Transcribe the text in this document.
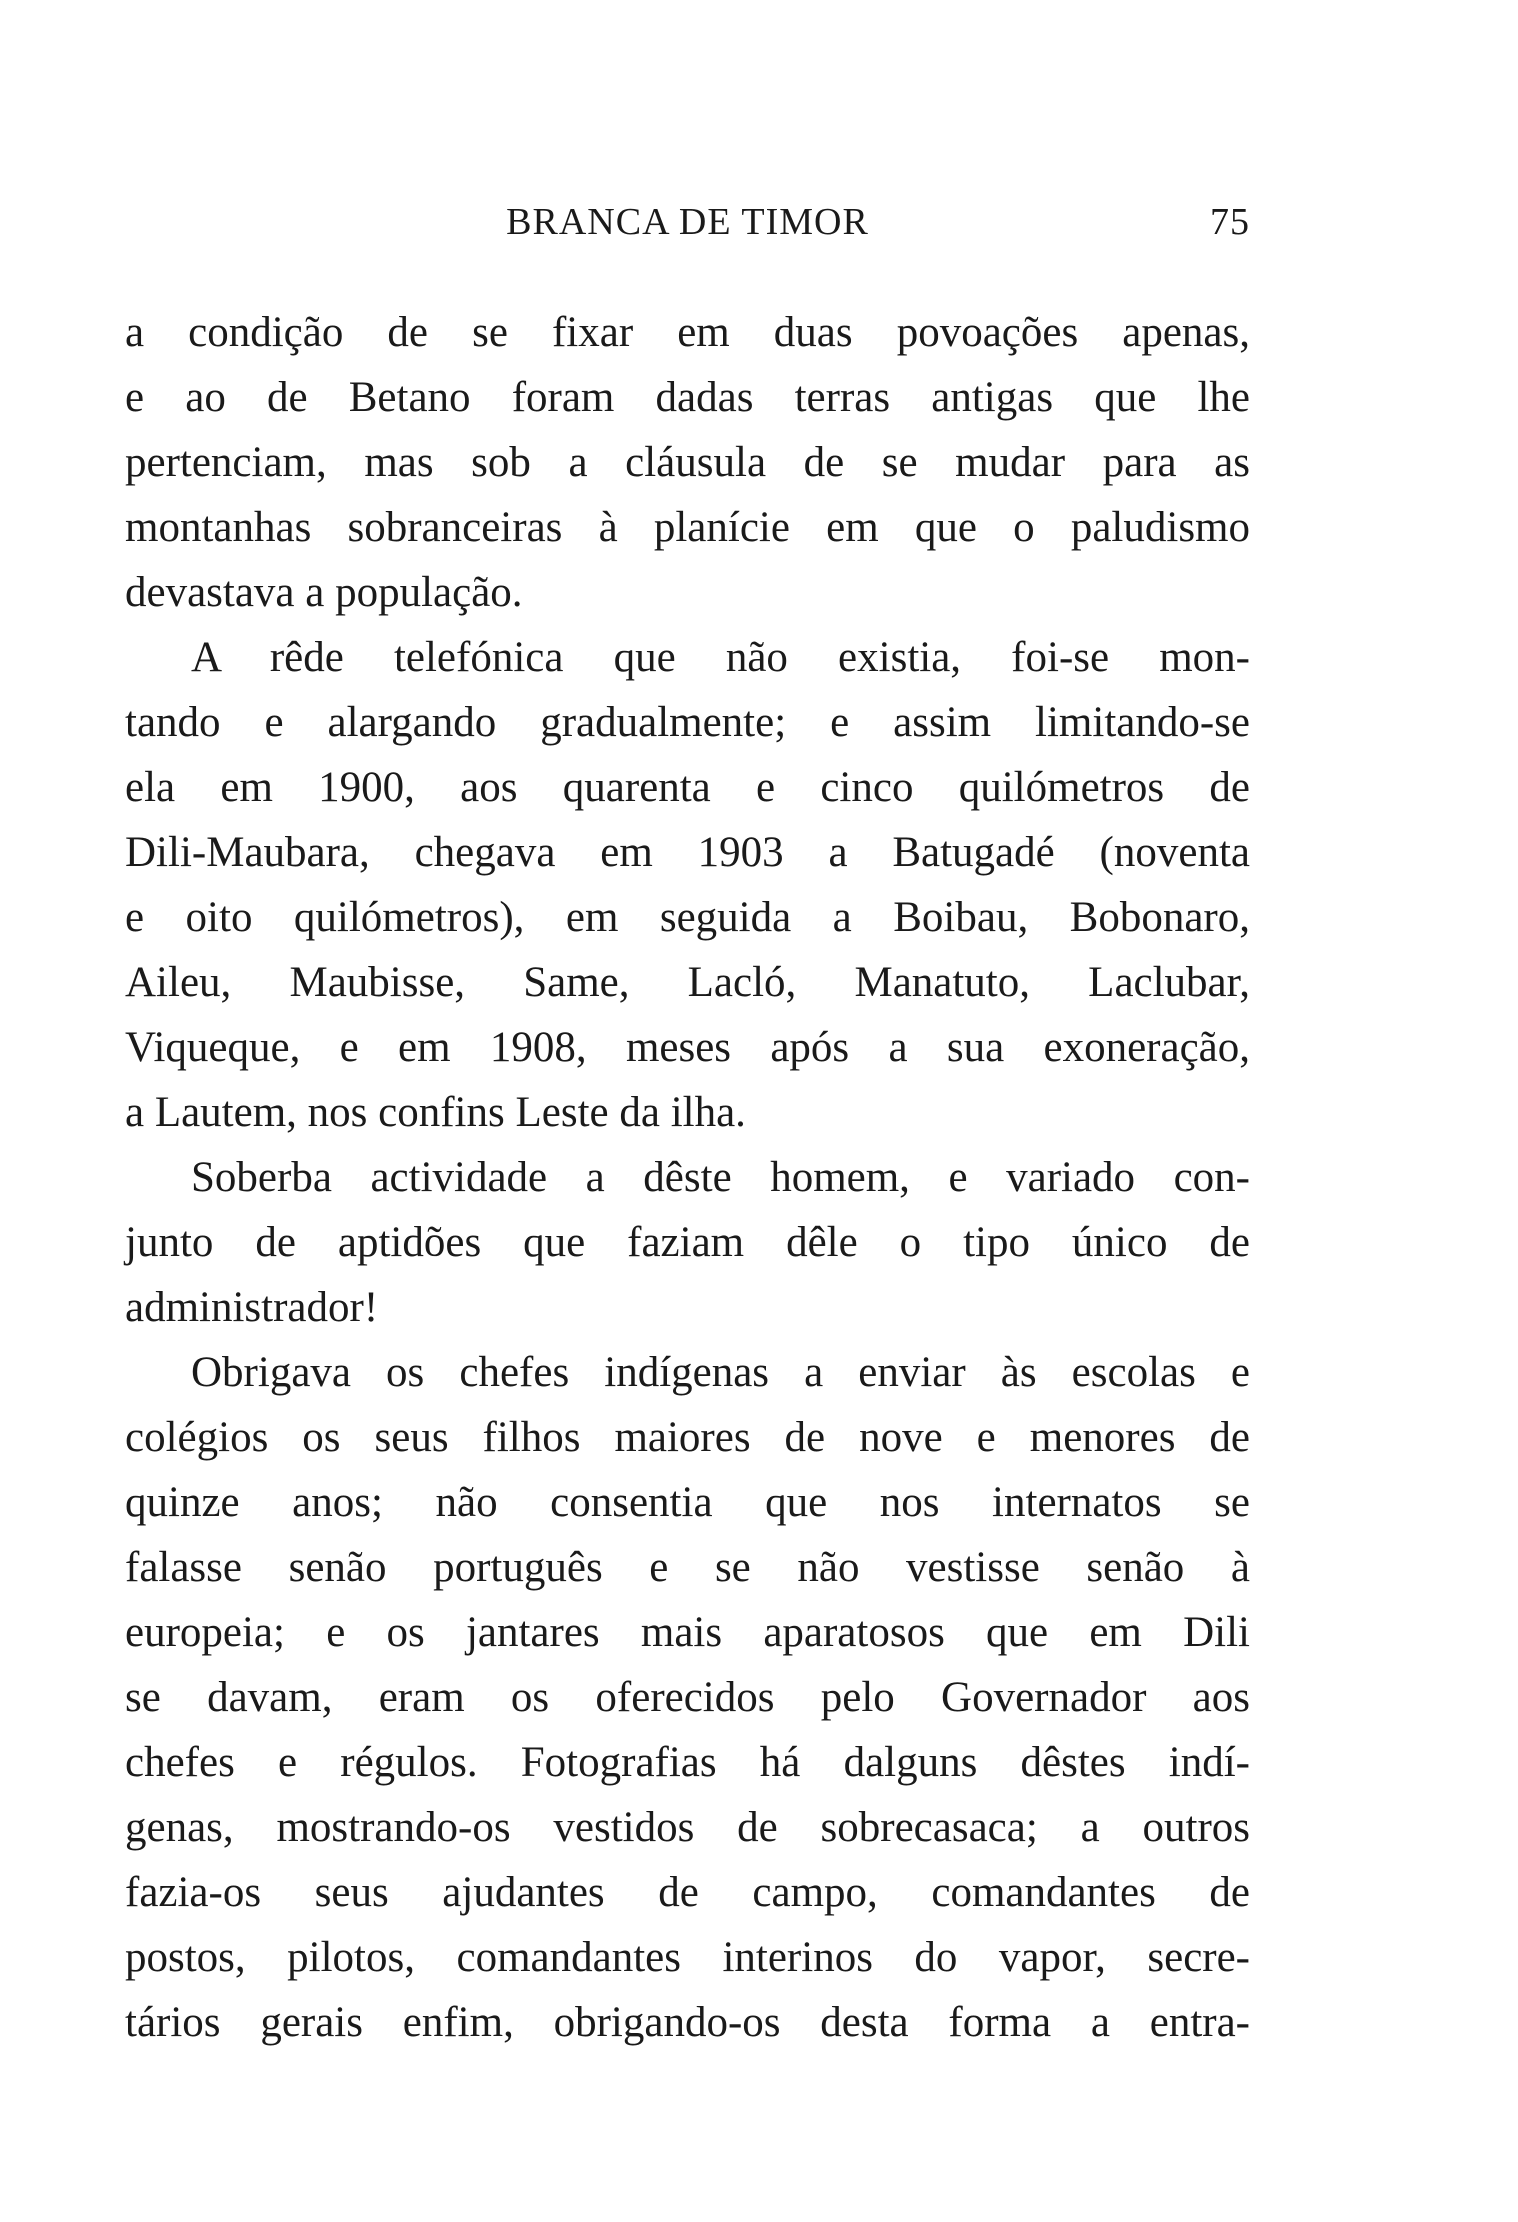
BRANCA DE TIMOR	75
a condição de se fixar em duas povoações apenas,
e ao de Betano foram dadas terras antigas que lhe
pertenciam, mas sob a cláusula de se mudar para as
montanhas sobranceiras à planície em que o paludismo
devastava a população.
A rêde telefónica que não existia, foi-se mon-
tando e alargando gradualmente; e assim limitando-se
ela em 1900, aos quarenta e cinco quilómetros de
Dili-Maubara, chegava em 1903 a Batugadé (noventa
e oito quilómetros), em seguida a Boibau, Bobonaro,
Aileu, Maubisse, Same, Lacló, Manatuto, Laclubar,
Viqueque, e em 1908, meses após a sua exoneração,
a Lautem, nos confins Leste da ilha.
Soberba actividade a dêste homem, e variado con-
junto de aptidões que faziam dêle o tipo único de
administrador!
Obrigava os chefes indígenas a enviar às escolas e
colégios os seus filhos maiores de nove e menores de
quinze anos; não consentia que nos internatos se
falasse senão português e se não vestisse senão à
europeia; e os jantares mais aparatosos que em Dili
se davam, eram os oferecidos pelo Governador aos
chefes e régulos. Fotografias há dalguns dêstes indí-
genas, mostrando-os vestidos de sobrecasaca; a outros
fazia-os seus ajudantes de campo, comandantes de
postos, pilotos, comandantes interinos do vapor, secre-
tários gerais enfim, obrigando-os desta forma a entra-
